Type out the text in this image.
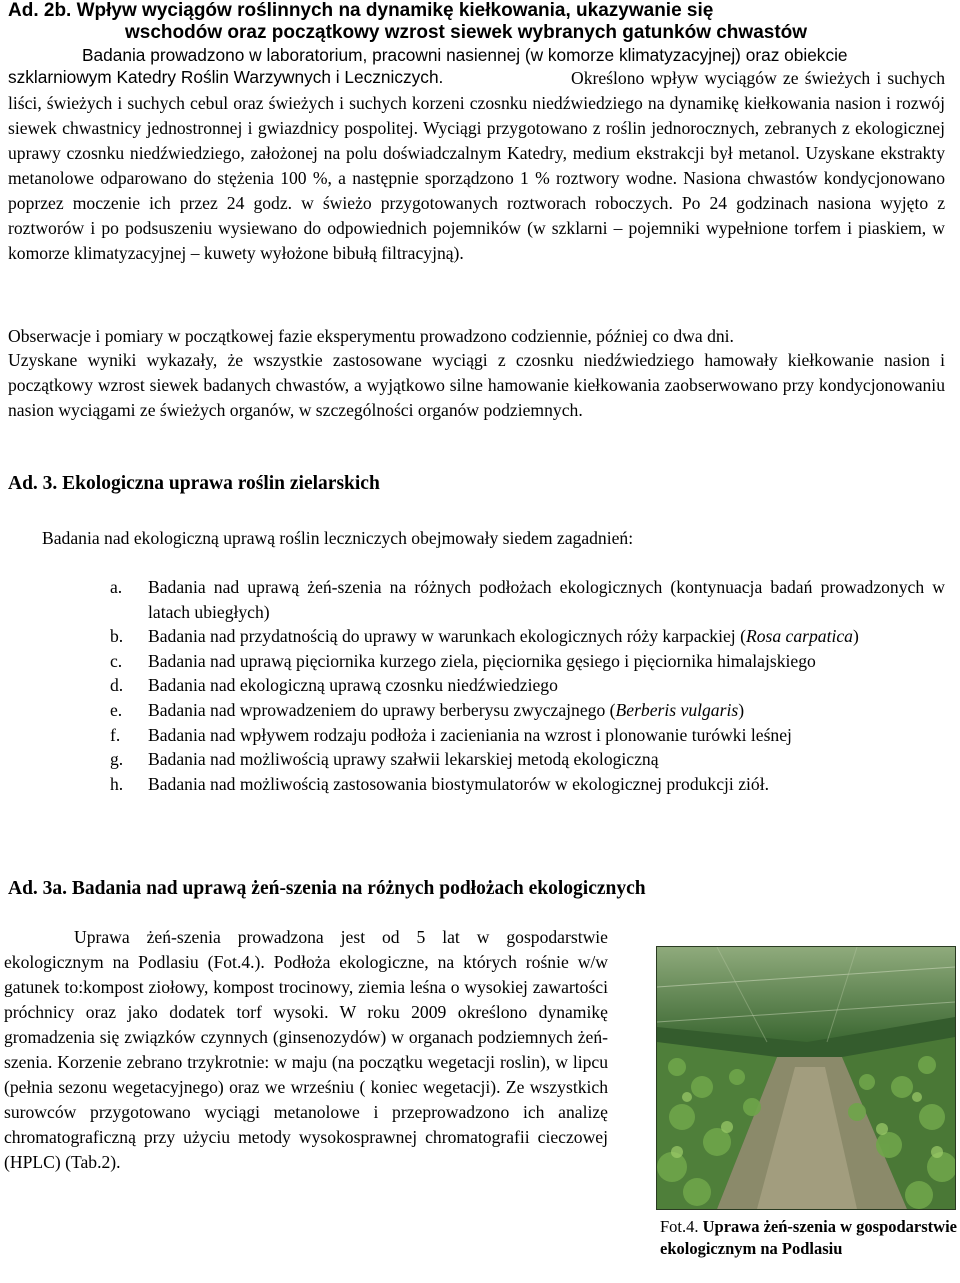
Ad. 2b. Wpływ wyciągów roślinnych na dynamikę kiełkowania, ukazywanie się
wschodów oraz początkowy wzrost siewek wybranych gatunków chwastów
Badania prowadzono w laboratorium, pracowni nasiennej (w komorze klimatyzacyjnej) oraz obiekcie
szklarniowym Katedry Roślin Warzywnych i Leczniczych.	Określono wpływ wyciągów ze świeżych i suchych liści, świeżych i suchych cebul oraz świeżych i suchych korzeni czosnku niedźwiedziego na dynamikę kiełkowania nasion i rozwój siewek chwastnicy jednostronnej i gwiazdnicy pospolitej. Wyciągi przygotowano z roślin jednorocznych, zebranych z ekologicznej uprawy czosnku niedźwiedziego, założonej na polu doświadczalnym Katedry, medium ekstrakcji był metanol. Uzyskane ekstrakty metanolowe odparowano do stężenia 100 %, a następnie sporządzono 1 % roztwory wodne. Nasiona chwastów kondycjonowano poprzez moczenie ich przez 24 godz. w świeżo przygotowanych roztworach roboczych. Po 24 godzinach nasiona wyjęto z roztworów i po podsuszeniu wysiewano do odpowiednich pojemników (w szklarni – pojemniki wypełnione torfem i piaskiem, w komorze klimatyzacyjnej – kuwety wyłożone bibułą filtracyjną).

Obserwacje i pomiary w początkowej fazie eksperymentu prowadzono codziennie, później co dwa dni.

Uzyskane wyniki wykazały, że wszystkie zastosowane wyciągi z czosnku niedźwiedziego hamowały kiełkowanie nasion i początkowy wzrost siewek badanych chwastów, a wyjątkowo silne hamowanie kiełkowania zaobserwowano przy kondycjonowaniu nasion wyciągami ze świeżych organów, w szczególności organów podziemnych.

Ad. 3. Ekologiczna uprawa roślin zielarskich

Badania nad ekologiczną uprawą roślin leczniczych obejmowały siedem zagadnień:

a. Badania nad uprawą żeń-szenia na różnych podłożach ekologicznych (kontynuacja badań prowadzonych w latach ubiegłych)
b. Badania nad przydatnością do uprawy w warunkach ekologicznych róży karpackiej (Rosa carpatica)
c. Badania nad uprawą pięciornika kurzego ziela, pięciornika gęsiego i pięciornika himalajskiego
d. Badania nad ekologiczną uprawą czosnku niedźwiedziego
e. Badania nad wprowadzeniem do uprawy berberysu zwyczajnego (Berberis vulgaris)
f. Badania nad wpływem rodzaju podłoża i zacieniania na wzrost i plonowanie turówki leśnej
g. Badania nad możliwością uprawy szałwii lekarskiej metodą ekologiczną
h. Badania nad możliwością zastosowania biostymulatorów w ekologicznej produkcji ziół.
Ad. 3a. Badania nad uprawą żeń-szenia na różnych podłożach ekologicznych

Uprawa żeń-szenia prowadzona jest od 5 lat w gospodarstwie ekologicznym na Podlasiu (Fot.4.). Podłoża ekologiczne, na których rośnie w/w gatunek to:kompost ziołowy, kompost trocinowy, ziemia leśna o wysokiej zawartości próchnicy oraz jako dodatek torf wysoki. W roku 2009 określono dynamikę gromadzenia się związków czynnych (ginsenozydów) w organach podziemnych żeń-szenia. Korzenie zebrano trzykrotnie: w maju (na początku wegetacji roslin), w lipcu (pełnia sezonu wegetacyjnego) oraz we wrześniu ( koniec wegetacji). Ze wszystkich surowców przygotowano wyciągi metanolowe i przeprowadzono ich analizę chromatograficzną przy użyciu metody wysokosprawnej chromatografii cieczowej (HPLC) (Tab.2).

Fot.4. Uprawa żeń-szenia w gospodarstwie ekologicznym na Podlasiu
